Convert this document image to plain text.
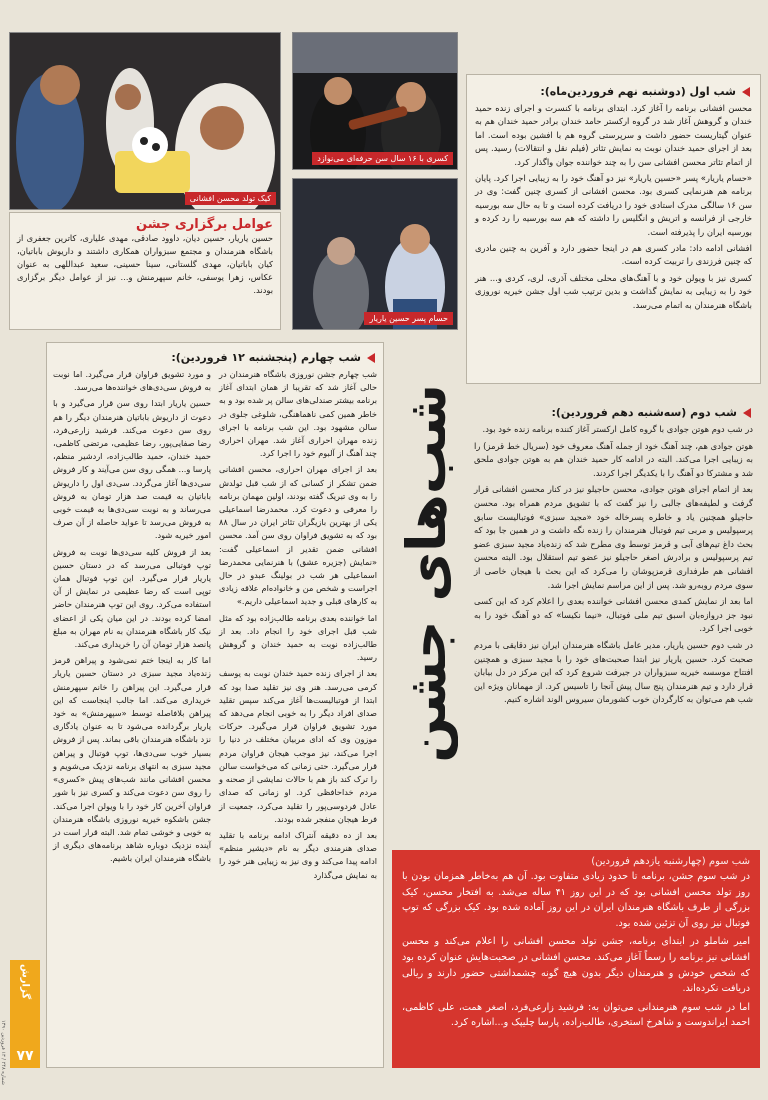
کیک تولد محسن افشانی
کسری با ۱۶ سال سن حرفه‌ای می‌نوازد
حسام پسر حسین یاریار
عوامل برگزاری جشن
حسین یاریار، حسین دیان، داوود صادقی، مهدی علیاری، کاترین جعفری از باشگاه هنرمندان و مجتمع سبزواران همکاری داشتند و داریوش باباتیان، کیان باباتیان، مهدی گلستانی، سینا حسینی، سعید عبداللهی به عنوان عکاس، زهرا یوسفی، خانم سپهرمنش و... نیز از عوامل دیگر برگزاری بودند.
شب اول (دوشنبه نهم فروردین‌ماه):

محسن افشانی برنامه را آغاز کرد. ابتدای برنامه با کنسرت و اجرای زنده حمید خندان و گروهش آغاز شد در گروه ارکستر حامد خندان برادر حمید خندان هم به عنوان گیتاریست حضور داشت و سرپرستی گروه هم با افشین بوده است. اما بعد از اجرای حمید خندان نوبت به نمایش تئاتر (فیلم نقل و انتقالات) رسید. پس از اتمام تئاتر محسن افشانی سن را به چند خواننده جوان واگذار کرد.

«حسام یاریار» پسر «حسین یاریار» نیز دو آهنگ خود را به زیبایی اجرا کرد. پایان برنامه هم هنرنمایی کسری بود. محسن افشانی از کسری چنین گفت: وی در سن ۱۶ سالگی مدرک استادی خود را دریافت کرده است و تا به حال سه بورسیه خارجی از فرانسه و اتریش و انگلیس را داشته که هم سه بورسیه را رد کرده و بورسیه ایران را پذیرفته است.

افشانی ادامه داد: مادر کسری هم در اینجا حضور دارد و آفرین به چنین مادری که چنین فرزندی را تربیت کرده است.

کسری نیز با ویولن خود و با آهنگ‌های محلی مختلف آذری، لری، کردی و... هنر خود را به زیبایی به نمایش گذاشت و بدین ترتیب شب اول جشن خیریه نوروزی باشگاه هنرمندان به اتمام می‌رسد.

شب‌های جشن	شب دوم (سه‌شنبه دهم فروردین):

در شب دوم هوتن جوادی با گروه کامل ارکستر آغاز کننده برنامه زنده خود بود.

هوتن جوادی هم، چند آهنگ خود از جمله آهنگ معروف خود (سریال خط قرمز) را به زیبایی اجرا می‌کند. البته در ادامه کار حمید خندان هم به هوتن جوادی ملحق شد و مشترکا دو آهنگ را با یکدیگر اجرا کردند.

بعد از اتمام اجرای هوتن جوادی، محسن حاجیلو نیز در کنار محسن افشانی قرار گرفت و لطیفه‌های جالبی را نیز گفت که با تشویق مردم همراه بود. محسن حاجیلو همچنین یاد و خاطره پسرخاله خود «مجید سبزی» فوتبالیست سابق پرسپولیس و مربی تیم فوتبال هنرمندان را زنده نگه داشت و در همین جا بود که بحث داغ تیم‌های آبی و قرمز توسط وی مطرح شد که زنده‌یاد مجید سبزی عضو تیم پرسپولیس و برادرش اصغر حاجیلو نیز عضو تیم استقلال بود. البته محسن افشانی هم طرفداری قرمزپوشان را می‌کرد که این بحث با هیجان خاصی از سوی مردم روبه‌رو شد. پس از این مراسم نمایش اجرا شد.

اما بعد از نمایش کمدی محسن افشانی خواننده بعدی را اعلام کرد که این کسی نبود جز دروازه‌بان اسبق تیم ملی فوتبال، «نیما نکیسا» که دو آهنگ خود را به خوبی اجرا کرد.

در شب دوم حسین یاریار، مدیر عامل باشگاه هنرمندان ایران نیز دقایقی با مردم صحبت کرد. حسین یاریار نیز ابتدا صحبت‌های خود را با مجید سبزی و همچنین افتتاح موسسه خیریه سبزواران در جیرفت شروع کرد که این مرکز در دل بیابان قرار دارد و تیم هنرمندان پنج سال پیش آنجا را تاسیس کرد. از مهمانان ویژه این شب هم می‌توان به کارگردان خوب کشورمان سیروس الوند اشاره کنیم.

شب چهارم (پنجشنبه ۱۲ فروردین):

شب چهارم جشن نوروزی باشگاه هنرمندان در حالی آغاز شد که تقریبا از همان ابتدای آغاز برنامه بیشتر صندلی‌های سالن پر شده بود و به خاطر همین کمی ناهماهنگی، شلوغی جلوی در سالن مشهود بود. این شب برنامه با اجرای زنده مهران احراری آغاز شد. مهران احراری چند آهنگ از آلبوم خود را اجرا کرد.

بعد از اجرای مهران احراری، محسن افشانی ضمن تشکر از کسانی که از شب قبل تولدش را به وی تبریک گفته بودند، اولین مهمان برنامه را معرفی و دعوت کرد. محمدرضا اسماعیلی یکی از بهترین بازیگران تئاتر ایران در سال ۸۸ بود که به تشویق فراوان روی سن آمد. محسن افشانی ضمن تقدیر از اسماعیلی گفت: «نمایش (جزیره عشق) با هنرنمایی محمدرضا اسماعیلی هر شب در بولینگ عبدو در حال اجراست و شخص من و خانواده‌ام علاقه زیادی به کارهای قبلی و جدید اسماعیلی داریم.»

اما خواننده بعدی برنامه طالب‌زاده بود که مثل شب قبل اجرای خود را انجام داد. بعد از طالب‌زاده نوبت به حمید خندان و گروهش رسید.

بعد از اجرای زنده حمید خندان نوبت به یوسف کرمی می‌رسد. هنر وی نیز تقلید صدا بود که ابتدا از فوتبالیست‌ها آغاز می‌کند سپس تقلید صدای افراد دیگر را به خوبی انجام می‌دهد که مورد تشویق فراوان قرار می‌گیرد. حرکات موزون وی که ادای مربیان مختلف در دنیا را اجرا می‌کند، نیز موجب هیجان فراوان مردم قرار می‌گیرد. حتی زمانی که می‌خواست سالن را ترک کند باز هم با حالات نمایشی از صحنه و مردم خداحافظی کرد. او زمانی که صدای عادل فردوسی‌پور را تقلید می‌کرد، جمعیت از فرط هیجان منفجر شده بودند.

بعد از ده دقیقه آنتراک ادامه برنامه با تقلید صدای هنرمندی دیگر به نام «دیشیر منظم» ادامه پیدا می‌کند و وی نیز به زیبایی هنر خود را به نمایش می‌گذارد

و مورد تشویق فراوان قرار می‌گیرد. اما نوبت به فروش سی‌دی‌های خواننده‌ها می‌رسد.

حسین یاریار ابتدا روی سن قرار می‌گیرد و با دعوت از داریوش باباتیان هنرمندان دیگر را هم روی سن دعوت می‌کند. فرشید زارعی‌فرد، رضا صفایی‌پور، رضا عظیمی، مرتضی کاظمی، حمید خندان، حمید طالب‌زاده، اردشیر منظم، پارسا و... همگی روی سن می‌آیند و کار فروش سی‌دی‌ها آغاز می‌گردد. سی‌دی اول را داریوش باباتیان به قیمت صد هزار تومان به فروش می‌رساند و به نوبت سی‌دی‌ها به قیمت خوبی به فروش می‌رسد تا عواید حاصله از آن صرف امور خیریه شود.

بعد از فروش کلیه سی‌دی‌ها نوبت به فروش توپ فوتبالی می‌رسد که در دستان حسین یاریار قرار می‌گیرد. این توپ فوتبال همان توپی است که رضا عظیمی در نمایش از آن استفاده می‌کرد. روی این توپ هنرمندان حاضر امضا کرده بودند. در این میان یکی از اعضای نیک کار باشگاه هنرمندان به نام مهران به مبلغ پانصد هزار تومان آن را خریداری می‌کند.

اما کار به اینجا ختم نمی‌شود و پیراهن قرمز زنده‌یاد مجید سبزی در دستان حسین یاریار قرار می‌گیرد. این پیراهن را خانم سپهرمنش خریداری می‌کند. اما جالب اینجاست که این پیراهن بلافاصله توسط «سپهرمنش» به خود یاریار برگردانده می‌شود تا به عنوان یادگاری نزد باشگاه هنرمندان باقی بماند. پس از فروش بسیار خوب سی‌دی‌ها، توپ فوتبال و پیراهن مجید سبزی به انتهای برنامه نزدیک می‌شویم و محسن افشانی مانند شب‌های پیش «کسری» را روی سن دعوت می‌کند و کسری نیز با شور فراوان آخرین کار خود را با ویولن اجرا می‌کند. جشن باشکوه خیریه نوروزی باشگاه هنرمندان به خوبی و خوشی تمام شد. البته قرار است در آینده نزدیک دوباره شاهد برنامه‌های دیگری از باشگاه هنرمندان ایران باشیم.	شب سوم (چهارشنبه یازدهم فروردین)

در شب سوم جشن، برنامه تا حدود زیادی متفاوت بود. آن هم به‌خاطر همزمان بودن با روز تولد محسن افشانی بود که در این روز ۴۱ ساله می‌شد. به افتخار محسن، کیک بزرگی از طرف باشگاه هنرمندان ایران در این روز آماده شده بود. کیک بزرگی که توپ فوتبال نیز روی آن تزئین شده بود.

امیر شاملو در ابتدای برنامه، جشن تولد محسن افشانی را اعلام می‌کند و محسن افشانی نیز برنامه را رسماً آغاز می‌کند. محسن افشانی در صحبت‌هایش عنوان کرده بود که شخص خودش و هنرمندان دیگر بدون هیچ گونه چشمداشتی حضور دارند و ریالی دریافت نکرده‌اند.

اما در شب سوم هنرمندانی می‌توان به: فرشید زارعی‌فرد، اصغر همت، علی کاظمی، احمد ایراندوست و شاهرخ استخری، طالب‌زاده، پارسا چلیپک و...اشاره کرد.

گزارش
۷۷
شماره ۲۴۸ / ۱۳ فروردین ۱۳۹۰
